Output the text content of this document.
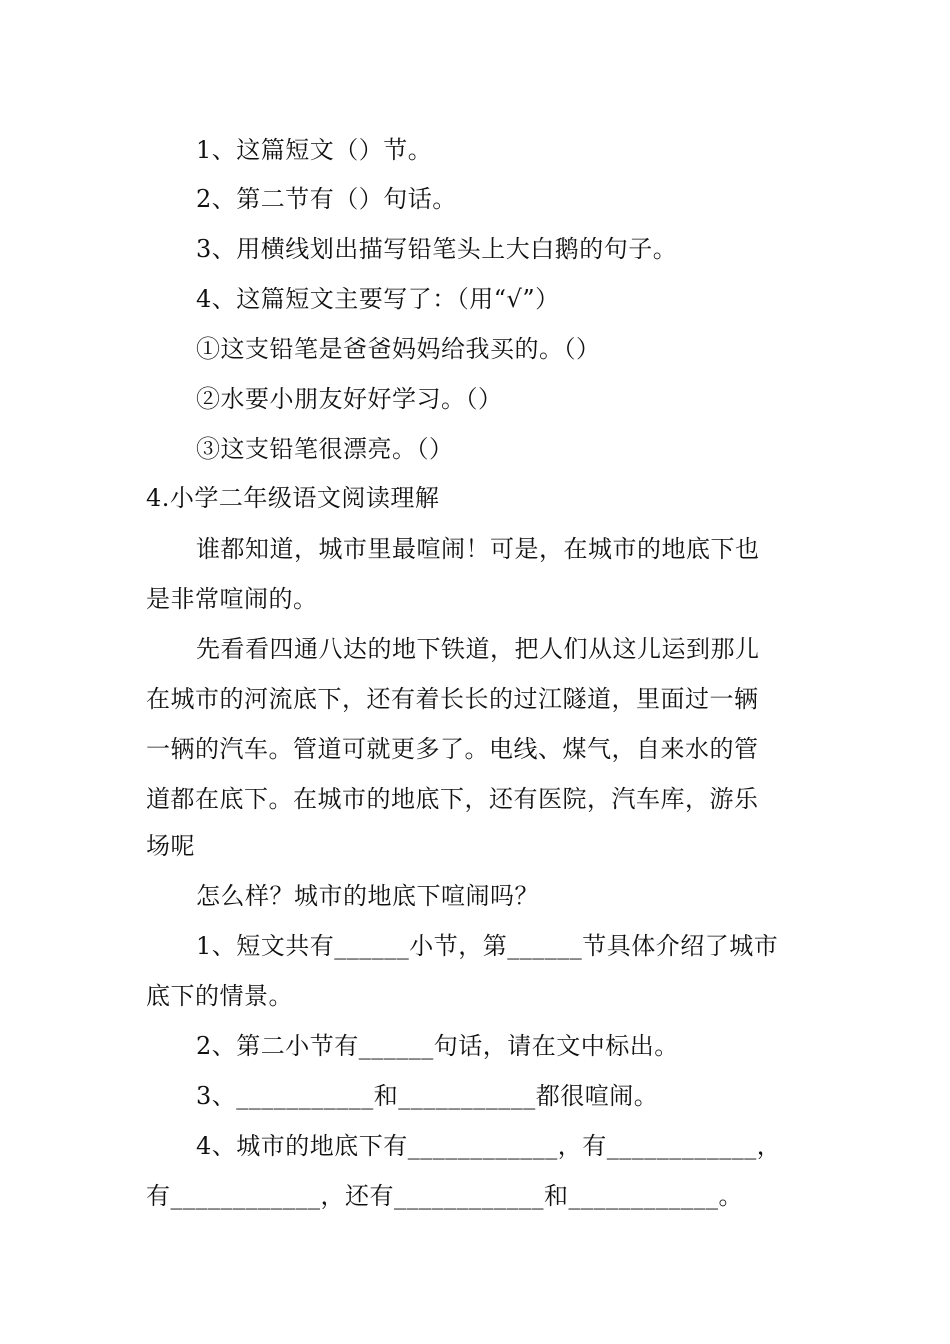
1、这篇短文（）节。
2、第二节有（）句话。
3、用横线划出描写铅笔头上大白鹅的句子。
4、这篇短文主要写了：（用“√”）
①这支铅笔是爸爸妈妈给我买的。（）
②水要小朋友好好学习。（）
③这支铅笔很漂亮。（）
4.小学二年级语文阅读理解
谁都知道，城市里最喧闹！可是，在城市的地底下也
是非常喧闹的。
先看看四通八达的地下铁道，把人们从这儿运到那儿
在城市的河流底下，还有着长长的过江隧道，里面过一辆
一辆的汽车。管道可就更多了。电线、煤气，自来水的管
道都在底下。在城市的地底下，还有医院，汽车库，游乐
场呢
怎么样？城市的地底下喧闹吗？
1、短文共有______小节，第______节具体介绍了城市
底下的情景。
2、第二小节有______句话，请在文中标出。
3、___________和___________都很喧闹。
4、城市的地底下有____________，有____________，
有____________，还有____________和____________。
